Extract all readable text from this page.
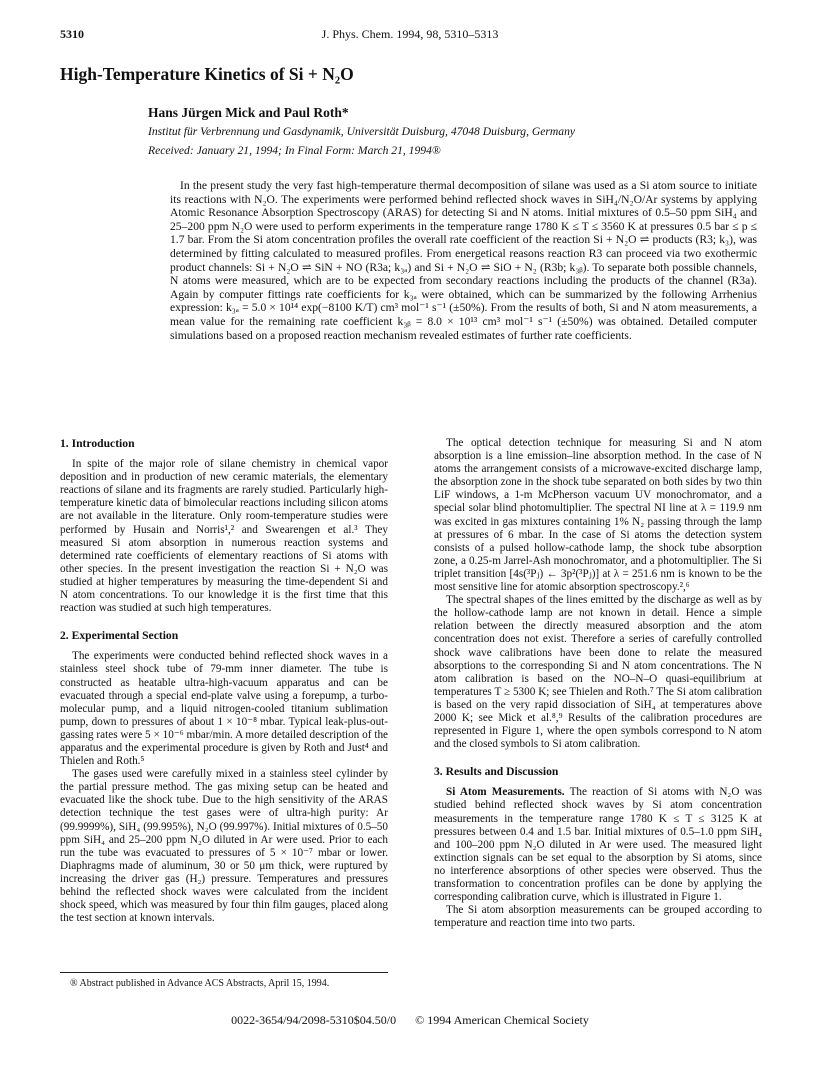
5310	J. Phys. Chem. 1994, 98, 5310–5313
High-Temperature Kinetics of Si + N₂O
Hans Jürgen Mick and Paul Roth*
Institut für Verbrennung und Gasdynamik, Universität Duisburg, 47048 Duisburg, Germany
Received: January 21, 1994; In Final Form: March 21, 1994®

In the present study the very fast high-temperature thermal decomposition of silane was used as a Si atom source to initiate its reactions with N₂O. The experiments were performed behind reflected shock waves in SiH₄/N₂O/Ar systems by applying Atomic Resonance Absorption Spectroscopy (ARAS) for detecting Si and N atoms. Initial mixtures of 0.5–50 ppm SiH₄ and 25–200 ppm N₂O were used to perform experiments in the temperature range 1780 K ≤ T ≤ 3560 K at pressures 0.5 bar ≤ p ≤ 1.7 bar. From the Si atom concentration profiles the overall rate coefficient of the reaction Si + N₂O ⇌ products (R3; k₃), was determined by fitting calculated to measured profiles. From energetical reasons reaction R3 can proceed via two exothermic product channels: Si + N₂O ⇌ SiN + NO (R3a; k₃ₐ) and Si + N₂O ⇌ SiO + N₂ (R3b; k₃ᵦ). To separate both possible channels, N atoms were measured, which are to be expected from secondary reactions including the products of the channel (R3a). Again by computer fittings rate coefficients for k₃ₐ were obtained, which can be summarized by the following Arrhenius expression: k₃ₐ = 5.0 × 10¹⁴ exp(−8100 K/T) cm³ mol⁻¹ s⁻¹ (±50%). From the results of both, Si and N atom measurements, a mean value for the remaining rate coefficient k₃ᵦ = 8.0 × 10¹³ cm³ mol⁻¹ s⁻¹ (±50%) was obtained. Detailed computer simulations based on a proposed reaction mechanism revealed estimates of further rate coefficients.

1. Introduction

In spite of the major role of silane chemistry in chemical vapor deposition and in production of new ceramic materials, the elementary reactions of silane and its fragments are rarely studied. Particularly high-temperature kinetic data of bimolecular reactions including silicon atoms are not available in the literature. Only room-temperature studies were performed by Husain and Norris¹,² and Swearengen et al.³ They measured Si atom absorption in numerous reaction systems and determined rate coefficients of elementary reactions of Si atoms with other species. In the present investigation the reaction Si + N₂O was studied at higher temperatures by measuring the time-dependent Si and N atom concentrations. To our knowledge it is the first time that this reaction was studied at such high temperatures.

2. Experimental Section

The experiments were conducted behind reflected shock waves in a stainless steel shock tube of 79-mm inner diameter. The tube is constructed as heatable ultra-high-vacuum apparatus and can be evacuated through a special end-plate valve using a forepump, a turbo-molecular pump, and a liquid nitrogen-cooled titanium sublimation pump, down to pressures of about 1 × 10⁻⁸ mbar. Typical leak-plus-out-gassing rates were 5 × 10⁻⁶ mbar/min. A more detailed description of the apparatus and the experimental procedure is given by Roth and Just⁴ and Thielen and Roth.⁵

The gases used were carefully mixed in a stainless steel cylinder by the partial pressure method. The gas mixing setup can be heated and evacuated like the shock tube. Due to the high sensitivity of the ARAS detection technique the test gases were of ultra-high purity: Ar (99.9999%), SiH₄ (99.995%), N₂O (99.997%). Initial mixtures of 0.5–50 ppm SiH₄ and 25–200 ppm N₂O diluted in Ar were used. Prior to each run the tube was evacuated to pressures of 5 × 10⁻⁷ mbar or lower. Diaphragms made of aluminum, 30 or 50 μm thick, were ruptured by increasing the driver gas (H₂) pressure. Temperatures and pressures behind the reflected shock waves were calculated from the incident shock speed, which was measured by four thin film gauges, placed along the test section at known intervals.

® Abstract published in Advance ACS Abstracts, April 15, 1994.

The optical detection technique for measuring Si and N atom absorption is a line emission–line absorption method. In the case of N atoms the arrangement consists of a microwave-excited discharge lamp, the absorption zone in the shock tube separated on both sides by two thin LiF windows, a 1-m McPherson vacuum UV monochromator, and a special solar blind photomultiplier. The spectral NI line at λ = 119.9 nm was excited in gas mixtures containing 1% N₂ passing through the lamp at pressures of 6 mbar. In the case of Si atoms the detection system consists of a pulsed hollow-cathode lamp, the shock tube absorption zone, a 0.25-m Jarrel-Ash monochromator, and a photomultiplier. The Si triplet transition [4s(³Pⱼ) ← 3p²(³Pⱼ)] at λ = 251.6 nm is known to be the most sensitive line for atomic absorption spectroscopy.²,⁶

The spectral shapes of the lines emitted by the discharge as well as by the hollow-cathode lamp are not known in detail. Hence a simple relation between the directly measured absorption and the atom concentration does not exist. Therefore a series of carefully controlled shock wave calibrations have been done to relate the measured absorptions to the corresponding Si and N atom concentrations. The N atom calibration is based on the NO–N–O quasi-equilibrium at temperatures T ≥ 5300 K; see Thielen and Roth.⁷ The Si atom calibration is based on the very rapid dissociation of SiH₄ at temperatures above 2000 K; see Mick et al.⁸,⁹ Results of the calibration procedures are represented in Figure 1, where the open symbols correspond to N atom and the closed symbols to Si atom calibration.

3. Results and Discussion

Si Atom Measurements. The reaction of Si atoms with N₂O was studied behind reflected shock waves by Si atom concentration measurements in the temperature range 1780 K ≤ T ≤ 3125 K at pressures between 0.4 and 1.5 bar. Initial mixtures of 0.5–1.0 ppm SiH₄ and 100–200 ppm N₂O diluted in Ar were used. The measured light extinction signals can be set equal to the absorption by Si atoms, since no interference absorptions of other species were observed. Thus the transformation to concentration profiles can be done by applying the corresponding calibration curve, which is illustrated in Figure 1.

The Si atom absorption measurements can be grouped according to temperature and reaction time into two parts.

0022-3654/94/2098-5310$04.50/0 © 1994 American Chemical Society
